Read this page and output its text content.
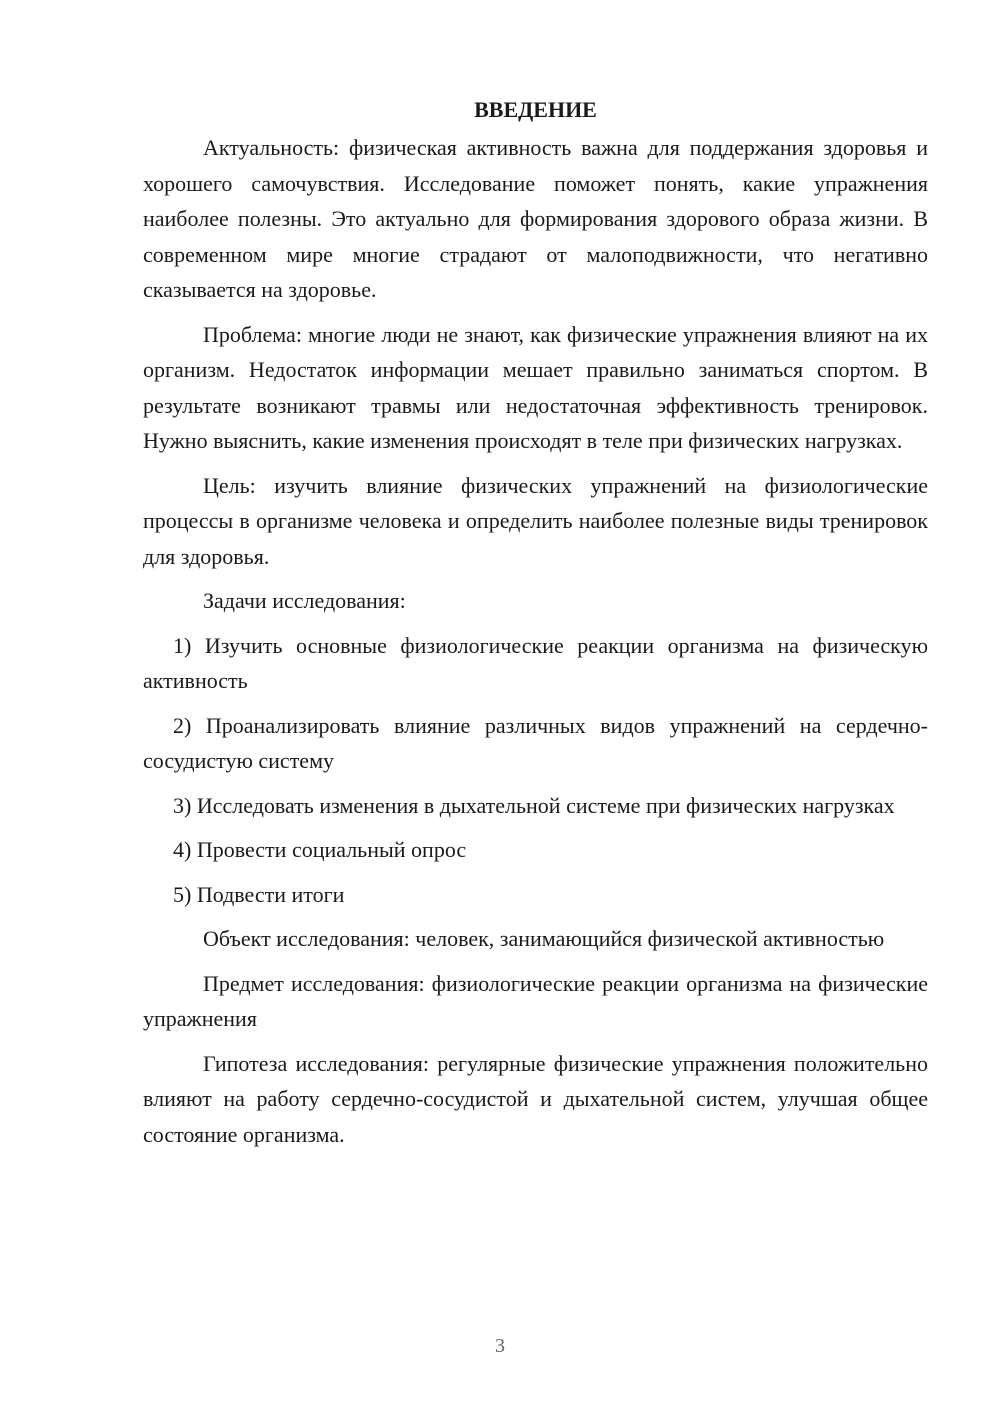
ВВЕДЕНИЕ

Актуальность: физическая активность важна для поддержания здоровья и хорошего самочувствия. Исследование поможет понять, какие упражнения наиболее полезны. Это актуально для формирования здорового образа жизни. В современном мире многие страдают от малоподвижности, что негативно сказывается на здоровье.

Проблема: многие люди не знают, как физические упражнения влияют на их организм. Недостаток информации мешает правильно заниматься спортом. В результате возникают травмы или недостаточная эффективность тренировок. Нужно выяснить, какие изменения происходят в теле при физических нагрузках.

Цель: изучить влияние физических упражнений на физиологические процессы в организме человека и определить наиболее полезные виды тренировок для здоровья.

Задачи исследования:

1) Изучить основные физиологические реакции организма на физическую активность

2) Проанализировать влияние различных видов упражнений на сердечно-сосудистую систему

3) Исследовать изменения в дыхательной системе при физических нагрузках

4) Провести социальный опрос

5) Подвести итоги

Объект исследования: человек, занимающийся физической активностью

Предмет исследования: физиологические реакции организма на физические упражнения

Гипотеза исследования: регулярные физические упражнения положительно влияют на работу сердечно-сосудистой и дыхательной систем, улучшая общее состояние организма.

3
